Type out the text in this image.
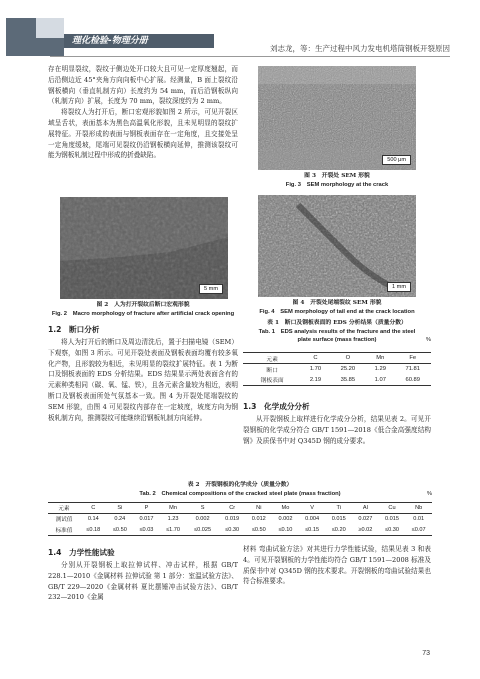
理化检验-物理分册
刘志龙，等：生产过程中风力发电机塔筒钢板开裂原因

存在明显裂纹，裂纹于侧边处开口较大且可见一定厚度翘起，而后沿侧边近 45°夹角方向向板中心扩展。经测量，B 面上裂纹沿钢板横向（垂直轧制方向）长度约为 54 mm，而后沿钢板纵向（轧制方向）扩展，长度为 70 mm，裂纹深度约为 2 mm。

将裂纹人为打开后，断口宏观形貌如图 2 所示，可见开裂区域呈舌状，表面基本为黑色高温氧化形貌，且未见明显的裂纹扩展特征。开裂形成的表面与钢板表面存在一定角度，且交接处呈一定角度缓坡，尾端可见裂纹仍沿钢板横向延伸，推测该裂纹可能为钢板轧制过程中形成的折叠缺陷。

500 μm
图 3　开裂处 SEM 形貌
Fig. 3　SEM morphology at the crack
5 mm	1 mm
图 2　人为打开裂纹后断口宏观形貌
Fig. 2　Macro morphology of fracture after artificial crack opening
图 4　开裂处尾端裂纹 SEM 形貌
Fig. 4　SEM morphology of tail end at the crack location
表 1　断口及钢板表面的 EDS 分析结果（质量分数）
Tab. 1　EDS analysis results of the fracture and the steel
plate surface (mass fraction)	%
元素	C	O	Mn	Fe
断口	1.70	25.20	1.29	71.81
钢板表面	2.19	35.85	1.07	60.89
1.2　断口分析

将人为打开后的断口及周边清洗后，置于扫描电镜（SEM）下观察，如图 3 所示。可见开裂处表面及钢板表面均覆有较多氧化产物，且形貌较为相近，未见明显的裂纹扩展特征。表 1 为断口及钢板表面的 EDS 分析结果。EDS 结果显示两处表面含有的元素种类相同（碳、氧、锰、铁），且各元素含量较为相近，表明断口及钢板表面所处气氛基本一致。图 4 为开裂处尾端裂纹的 SEM 形貌，由图 4 可见裂纹内部存在一定坡度，坡度方向为钢板轧制方向，推测裂纹可能继续沿钢板轧制方向延伸。

1.3　化学成分分析

从开裂钢板上取样进行化学成分分析，结果见表 2。可见开裂钢板的化学成分符合 GB/T 1591—2018《低合金高强度结构钢》及质保书中对 Q345D 钢的成分要求。

表 2　开裂钢板的化学成分（质量分数）
Tab. 2　Chemical compositions of the cracked steel plate (mass fraction)	%
元素	C	Si	P	Mn	S	Cr	Ni	Mo	V	Ti	Al	Cu	Nb
测试值	0.14	0.24	0.017	1.23	0.002	0.019	0.012	0.002	0.004	0.015	0.027	0.015	0.01
标准值	≤0.18	≤0.50	≤0.03	≤1.70	≤0.025	≤0.30	≤0.50	≤0.10	≤0.15	≤0.20	≥0.02	≤0.30	≤0.07
1.4　力学性能试验

分别从开裂钢板上取拉伸试样、冲击试样，根据 GB/T 228.1—2010《金属材料 拉伸试验 第 1 部分：室温试验方法》、GB/T 229—2020《金属材料 夏比摆锤冲击试验方法》、GB/T 232—2010《金属

材料 弯曲试验方法》对其进行力学性能试验，结果见表 3 和表 4。可见开裂钢板的力学性能均符合 GB/T 1591—2008 标准及质保书中对 Q345D 钢的技术要求。开裂钢板的弯曲试验结果也符合标准要求。

73
